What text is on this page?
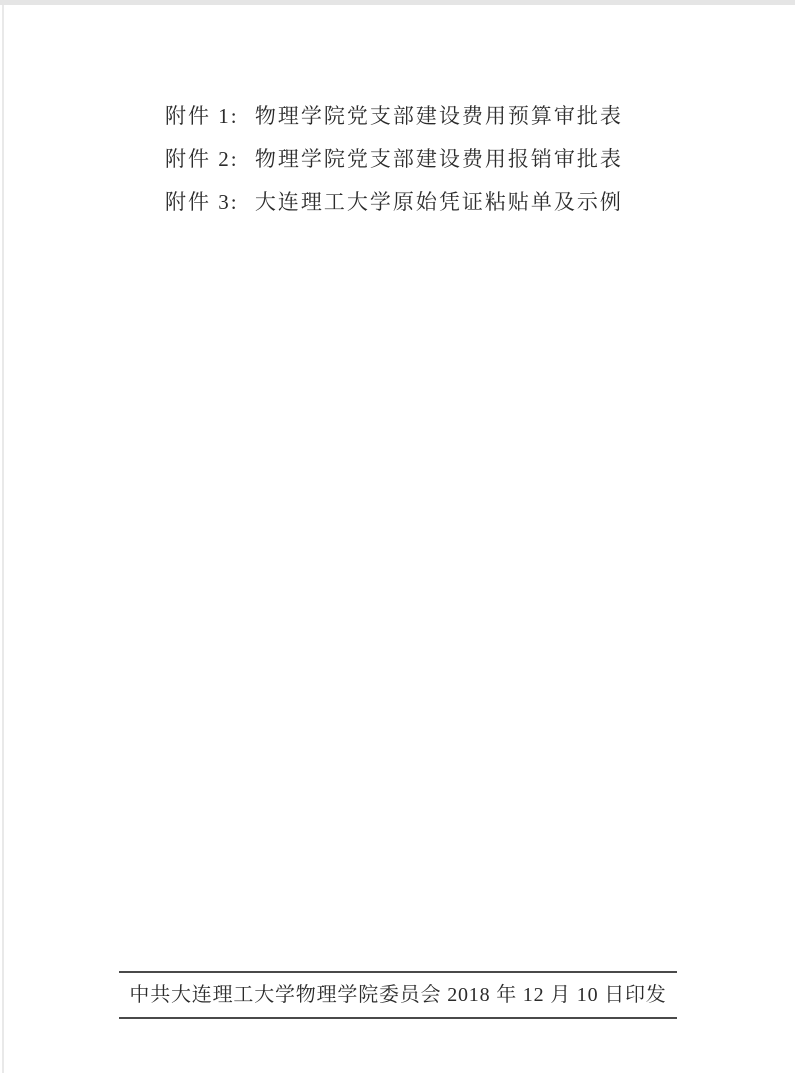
附件 1: 物理学院党支部建设费用预算审批表

附件 2: 物理学院党支部建设费用报销审批表

附件 3: 大连理工大学原始凭证粘贴单及示例

中共大连理工大学物理学院委员会 2018 年 12 月 10 日印发
